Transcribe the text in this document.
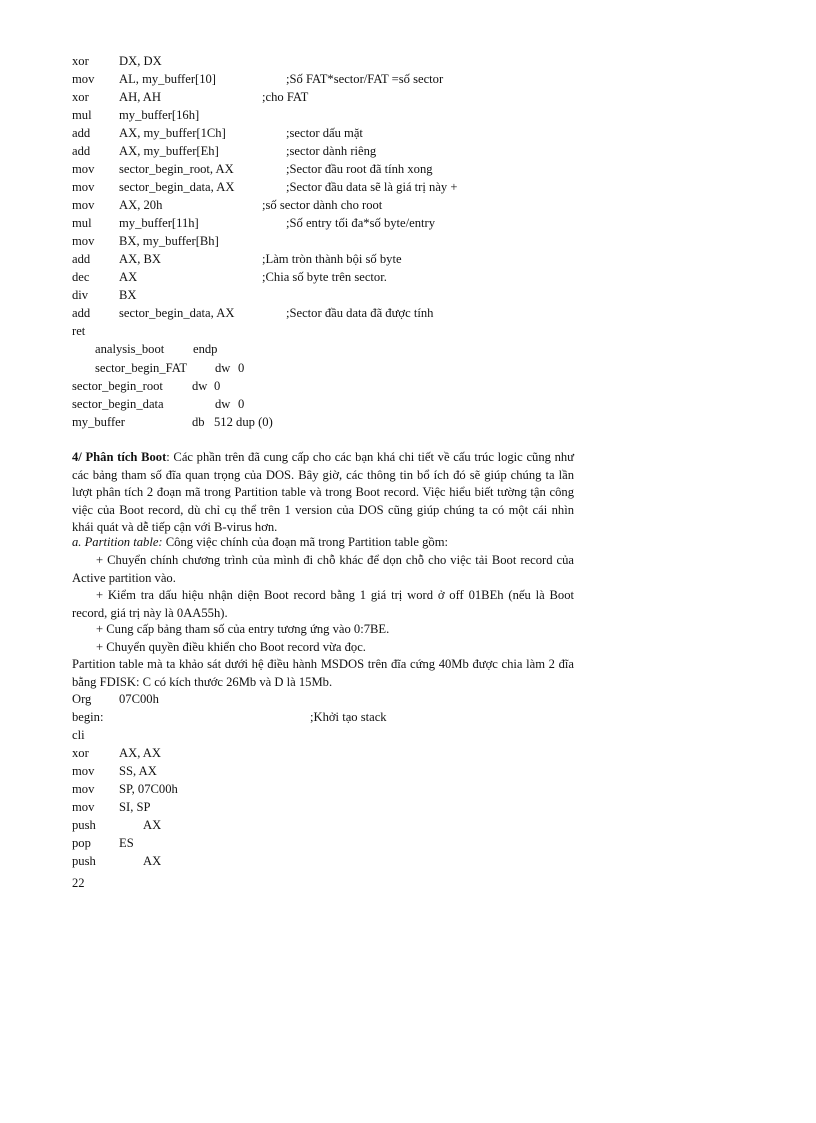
xor DX, DX
mov AL, my_buffer[10]	;Số FAT*sector/FAT =số sector
xor AH, AH	;cho FAT
mul my_buffer[16h]
add AX, my_buffer[1Ch]	;sector dấu mặt
add AX, my_buffer[Eh]	;sector dành riêng
mov sector_begin_root, AX	;Sector đầu root đã tính xong
mov sector_begin_data, AX	;Sector đầu data sẽ là giá trị này +
mov AX, 20h	;số sector dành cho root
mul my_buffer[11h]	;Số entry tối đa*số byte/entry
mov BX, my_buffer[Bh]
add AX, BX	;Làm tròn thành bội số byte
dec AX	;Chia số byte trên sector.
div BX
add sector_begin_data, AX	;Sector đầu data đã được tính
ret
analysis_boot endp
sector_begin_FAT dw 0
sector_begin_root dw 0
sector_begin_data	dw 0
my_buffer	db 512 dup (0)
4/ Phân tích Boot: Các phần trên đã cung cấp cho các bạn khá chi tiết về cấu trúc logic cũng như các bảng tham số đĩa quan trọng của DOS. Bây giờ, các thông tin bổ ích đó sẽ giúp chúng ta lần lượt phân tích 2 đoạn mã trong Partition table và trong Boot record. Việc hiểu biết tường tận công việc của Boot record, dù chỉ cụ thể trên 1 version của DOS cũng giúp chúng ta có một cái nhìn khái quát và dễ tiếp cận với B-virus hơn.
a. Partition table: Công việc chính của đoạn mã trong Partition table gồm:
+ Chuyển chính chương trình của mình đi chỗ khác để dọn chỗ cho việc tải Boot record của Active partition vào.
+ Kiểm tra dấu hiệu nhận diện Boot record bằng 1 giá trị word ở off 01BEh (nếu là Boot record, giá trị này là 0AA55h).
+ Cung cấp bảng tham số của entry tương ứng vào 0:7BE.
+ Chuyển quyền điều khiển cho Boot record vừa đọc.
Partition table mà ta khảo sát dưới hệ điều hành MSDOS trên đĩa cứng 40Mb được chia làm 2 đĩa bằng FDISK: C có kích thước 26Mb và D là 15Mb.
Org 07C00h
begin:	;Khởi tạo stack
cli
xor AX, AX
mov SS, AX
mov SP, 07C00h
mov SI, SP
push	AX
pop ES
push	AX
22
